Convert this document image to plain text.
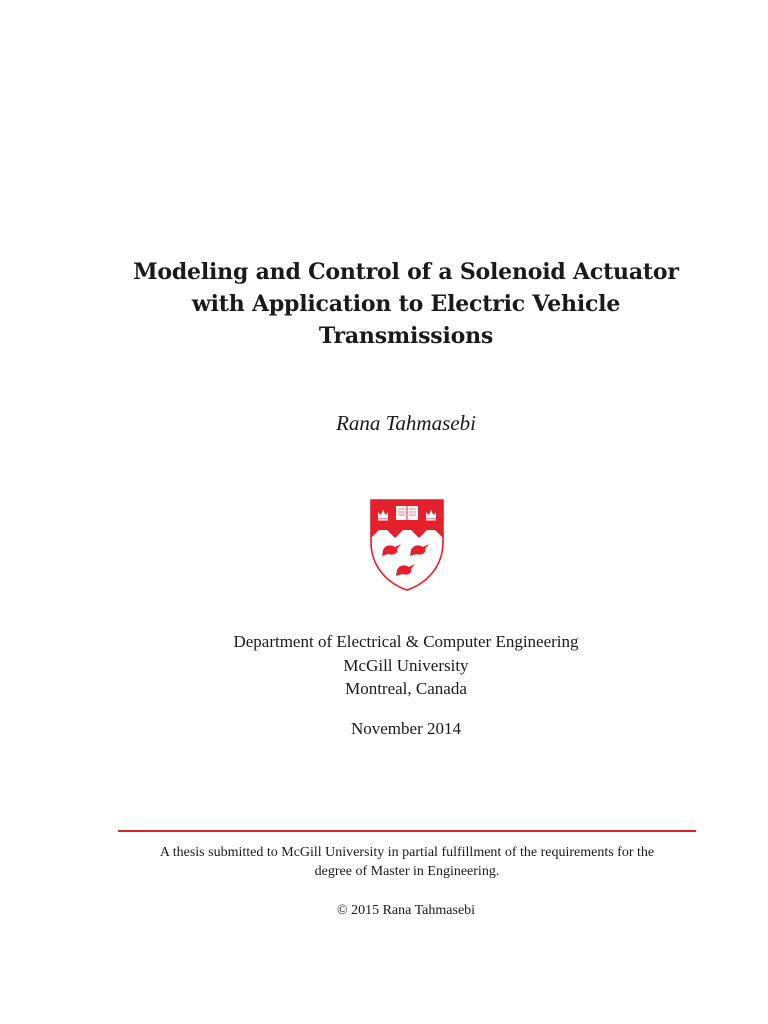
Modeling and Control of a Solenoid Actuator
with Application to Electric Vehicle
Transmissions
Rana Tahmasebi
Department of Electrical & Computer Engineering
McGill University
Montreal, Canada
November 2014
A thesis submitted to McGill University in partial fulfillment of the requirements for the
degree of Master in Engineering.
© 2015 Rana Tahmasebi
